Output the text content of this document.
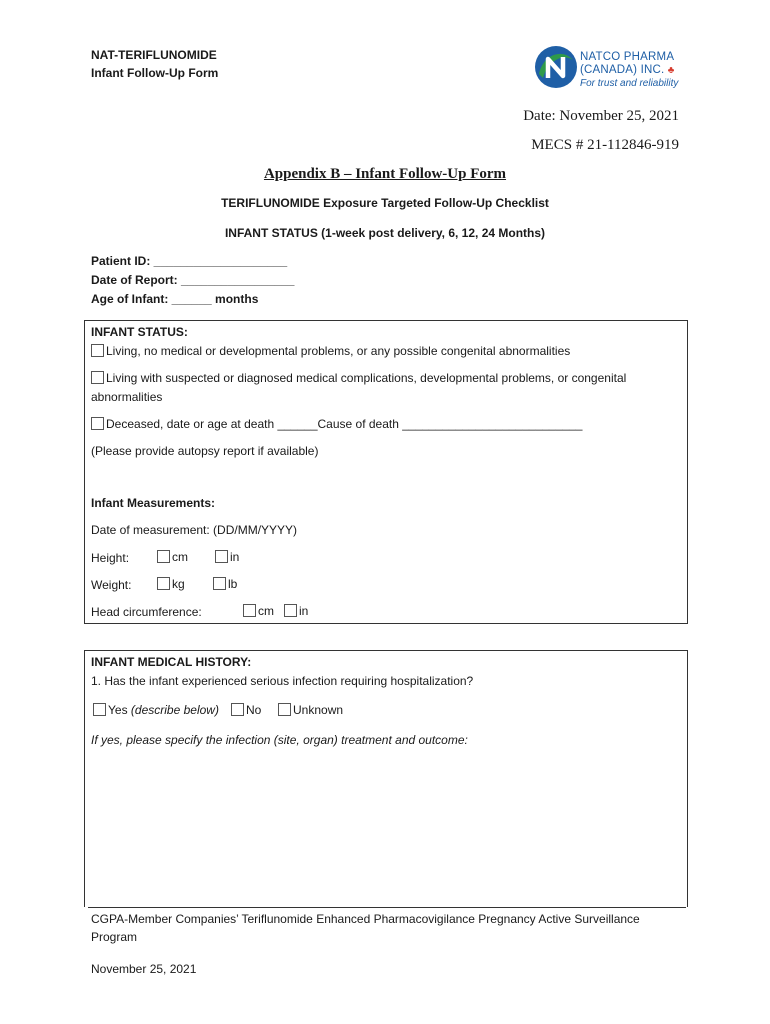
NAT-TERIFLUNOMIDE
Infant Follow-Up Form
NATCO PHARMA
(CANADA) INC. ♣
For trust and reliability
Date: November 25, 2021
MECS # 21-112846-919
Appendix B – Infant Follow-Up Form
TERIFLUNOMIDE Exposure Targeted Follow-Up Checklist
INFANT STATUS (1-week post delivery, 6, 12, 24 Months)
Patient ID: ____________________
Date of Report: _________________
Age of Infant: ______ months
INFANT STATUS:
Living, no medical or developmental problems, or any possible congenital abnormalities
Living with suspected or diagnosed medical complications, developmental problems, or congenital
abnormalities
Deceased, date or age at death ______Cause of death ___________________________
(Please provide autopsy report if available)
Infant Measurements:
Date of measurement: (DD/MM/YYYY)
Height:	cm	in
Weight:	kg	lb
Head circumference:	cm	in
INFANT MEDICAL HISTORY:
1. Has the infant experienced serious infection requiring hospitalization?
Yes (describe below)	No	Unknown
If yes, please specify the infection (site, organ) treatment and outcome:
CGPA-Member Companies’ Teriflunomide Enhanced Pharmacovigilance Pregnancy Active Surveillance
Program
November 25, 2021
